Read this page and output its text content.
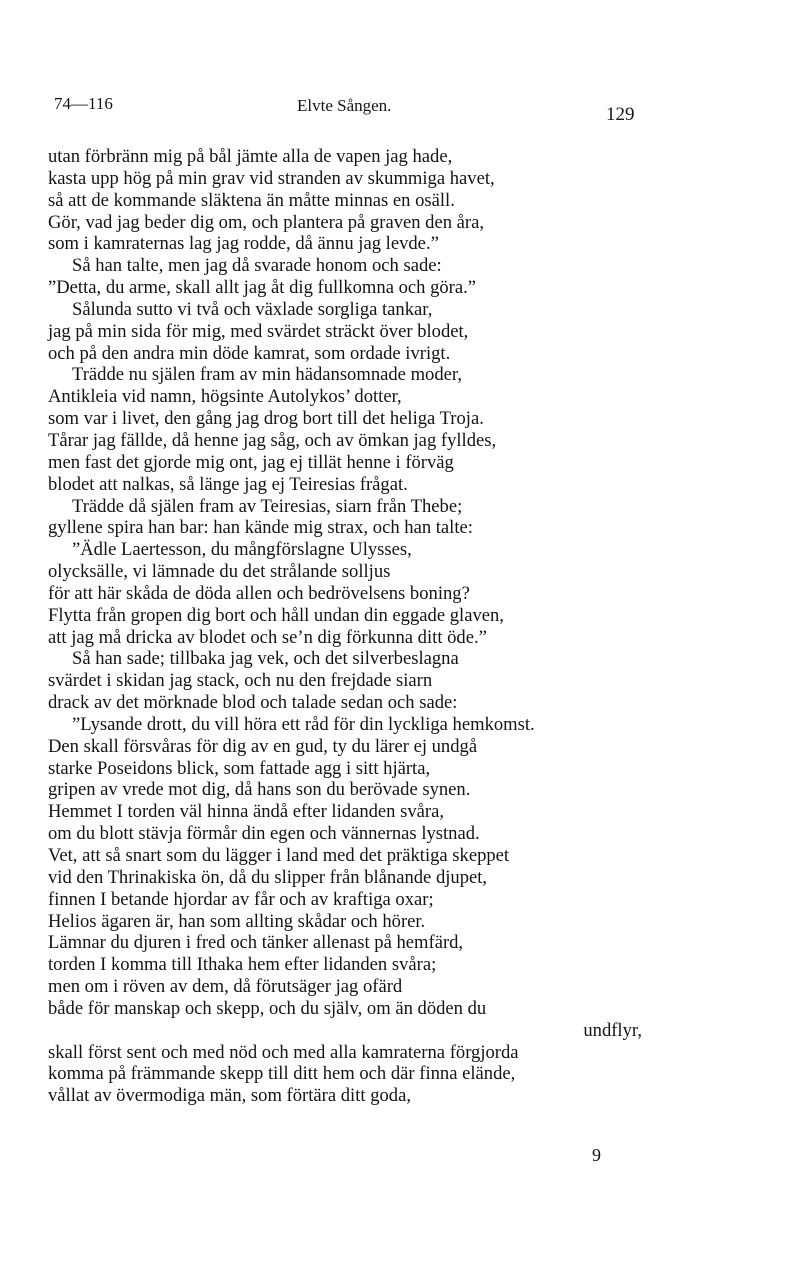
74—116	Elvte Sången.	129
utan förbränn mig på bål jämte alla de vapen jag hade,
kasta upp hög på min grav vid stranden av skummiga havet,
så att de kommande släktena än måtte minnas en osäll.
Gör, vad jag beder dig om, och plantera på graven den åra,
som i kamraternas lag jag rodde, då ännu jag levde.”
Så han talte, men jag då svarade honom och sade:
”Detta, du arme, skall allt jag åt dig fullkomna och göra.”
Sålunda sutto vi två och växlade sorgliga tankar,
jag på min sida för mig, med svärdet sträckt över blodet,
och på den andra min döde kamrat, som ordade ivrigt.
Trädde nu själen fram av min hädansomnade moder,
Antikleia vid namn, högsinte Autolykos’ dotter,
som var i livet, den gång jag drog bort till det heliga Troja.
Tårar jag fällde, då henne jag såg, och av ömkan jag fylldes,
men fast det gjorde mig ont, jag ej tillät henne i förväg
blodet att nalkas, så länge jag ej Teiresias frågat.
Trädde då själen fram av Teiresias, siarn från Thebe;
gyllene spira han bar: han kände mig strax, och han talte:
”Ädle Laertesson, du mångförslagne Ulysses,
olycksälle, vi lämnade du det strålande solljus
för att här skåda de döda allen och bedrövelsens boning?
Flytta från gropen dig bort och håll undan din eggade glaven,
att jag må dricka av blodet och se’n dig förkunna ditt öde.”
Så han sade; tillbaka jag vek, och det silverbeslagna
svärdet i skidan jag stack, och nu den frejdade siarn
drack av det mörknade blod och talade sedan och sade:
”Lysande drott, du vill höra ett råd för din lyckliga hemkomst.
Den skall försvåras för dig av en gud, ty du lärer ej undgå
starke Poseidons blick, som fattade agg i sitt hjärta,
gripen av vrede mot dig, då hans son du berövade synen.
Hemmet I torden väl hinna ändå efter lidanden svåra,
om du blott stävja förmår din egen och vännernas lystnad.
Vet, att så snart som du lägger i land med det präktiga skeppet
vid den Thrinakiska ön, då du slipper från blånande djupet,
finnen I betande hjordar av får och av kraftiga oxar;
Helios ägaren är, han som allting skådar och hörer.
Lämnar du djuren i fred och tänker allenast på hemfärd,
torden I komma till Ithaka hem efter lidanden svåra;
men om i röven av dem, då förutsäger jag ofärd
både för manskap och skepp, och du själv, om än döden du
undflyr,
skall först sent och med nöd och med alla kamraterna förgjorda
komma på främmande skepp till ditt hem och där finna elände,
vållat av övermodiga män, som förtära ditt goda,
9
